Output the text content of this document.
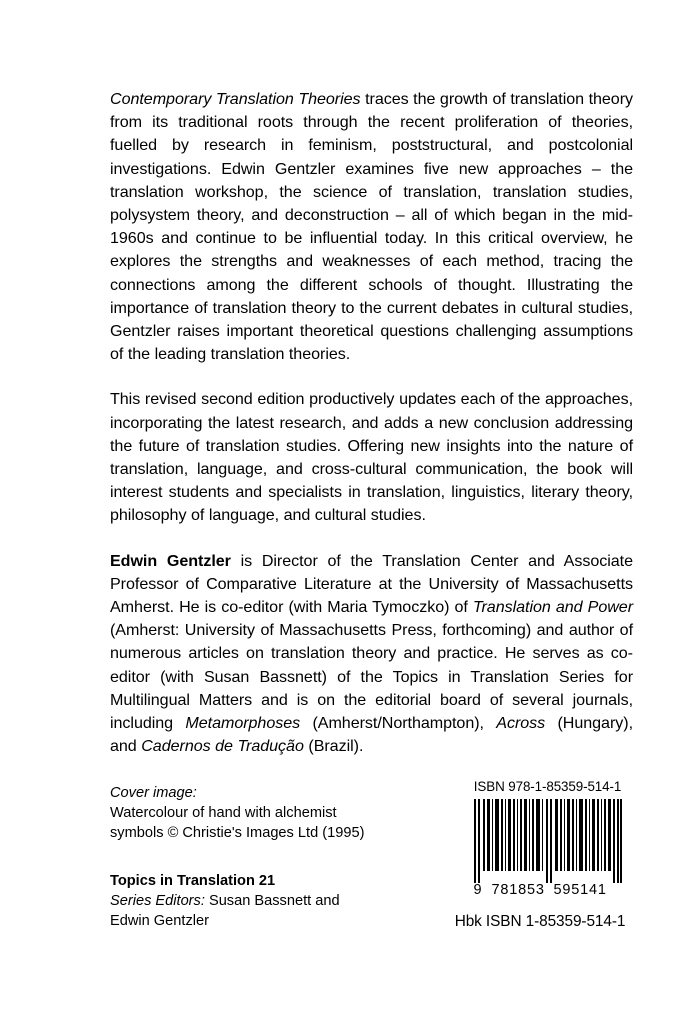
Contemporary Translation Theories traces the growth of translation theory from its traditional roots through the recent proliferation of theories, fuelled by research in feminism, poststructural, and postcolonial investigations. Edwin Gentzler examines five new approaches – the translation workshop, the science of translation, translation studies, polysystem theory, and deconstruction – all of which began in the mid-1960s and continue to be influential today. In this critical overview, he explores the strengths and weaknesses of each method, tracing the connections among the different schools of thought. Illustrating the importance of translation theory to the current debates in cultural studies, Gentzler raises important theoretical questions challenging assumptions of the leading translation theories.

This revised second edition productively updates each of the approaches, incorporating the latest research, and adds a new conclusion addressing the future of translation studies. Offering new insights into the nature of translation, language, and cross-cultural communication, the book will interest students and specialists in translation, linguistics, literary theory, philosophy of language, and cultural studies.

Edwin Gentzler is Director of the Translation Center and Associate Professor of Comparative Literature at the University of Massachusetts Amherst. He is co-editor (with Maria Tymoczko) of Translation and Power (Amherst: University of Massachusetts Press, forthcoming) and author of numerous articles on translation theory and practice. He serves as co-editor (with Susan Bassnett) of the Topics in Translation Series for Multilingual Matters and is on the editorial board of several journals, including Metamorphoses (Amherst/Northampton), Across (Hungary), and Cadernos de Tradução (Brazil).

Cover image:
Watercolour of hand with alchemist
symbols © Christie's Images Ltd (1995)

Topics in Translation 21
Series Editors: Susan Bassnett and
Edwin Gentzler

ISBN 978-1-85359-514-1

9 781853 595141
Hbk ISBN 1-85359-514-1
